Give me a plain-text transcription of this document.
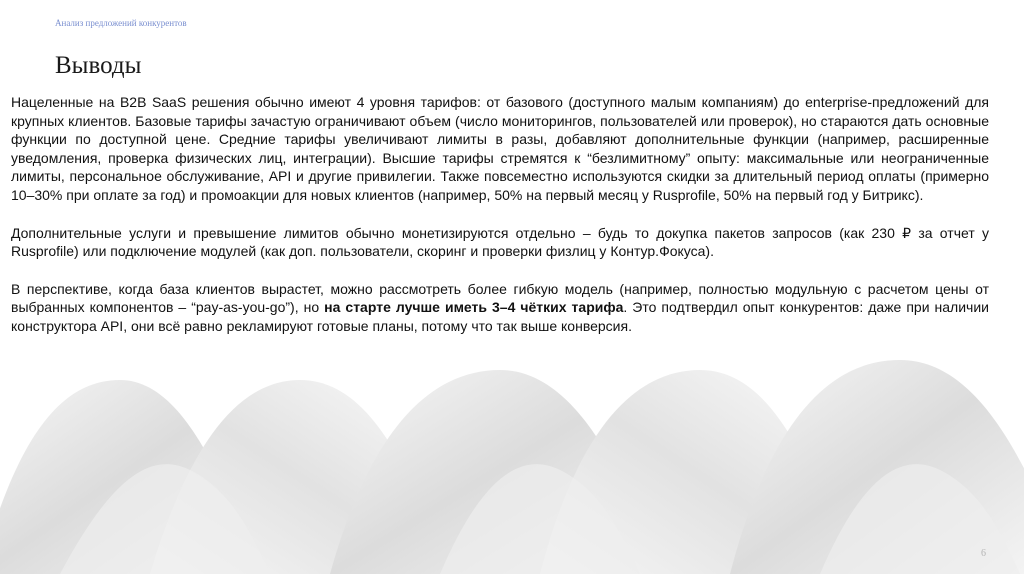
Анализ предложений конкурентов
Выводы

Нацеленные на B2B SaaS решения обычно имеют 4 уровня тарифов: от базового (доступного малым компаниям) до enterprise-предложений для крупных клиентов. Базовые тарифы зачастую ограничивают объем (число мониторингов, пользователей или проверок), но стараются дать основные функции по доступной цене. Средние тарифы увеличивают лимиты в разы, добавляют дополнительные функции (например, расширенные уведомления, проверка физических лиц, интеграции). Высшие тарифы стремятся к “безлимитному” опыту: максимальные или неограниченные лимиты, персональное обслуживание, API и другие привилегии. Также повсеместно используются скидки за длительный период оплаты (примерно 10–30% при оплате за год) и промоакции для новых клиентов (например, 50% на первый месяц у Rusprofile, 50% на первый год у Битрикс).

Дополнительные услуги и превышение лимитов обычно монетизируются отдельно – будь то докупка пакетов запросов (как 230 ₽ за отчет у Rusprofile) или подключение модулей (как доп. пользователи, скоринг и проверки физлиц у Контур.Фокуса).

В перспективе, когда база клиентов вырастет, можно рассмотреть более гибкую модель (например, полностью модульную с расчетом цены от выбранных компонентов – “pay-as-you-go”), но на старте лучше иметь 3–4 чётких тарифа. Это подтвердил опыт конкурентов: даже при наличии конструктора API, они всё равно рекламируют готовые планы, потому что так выше конверсия.

6
